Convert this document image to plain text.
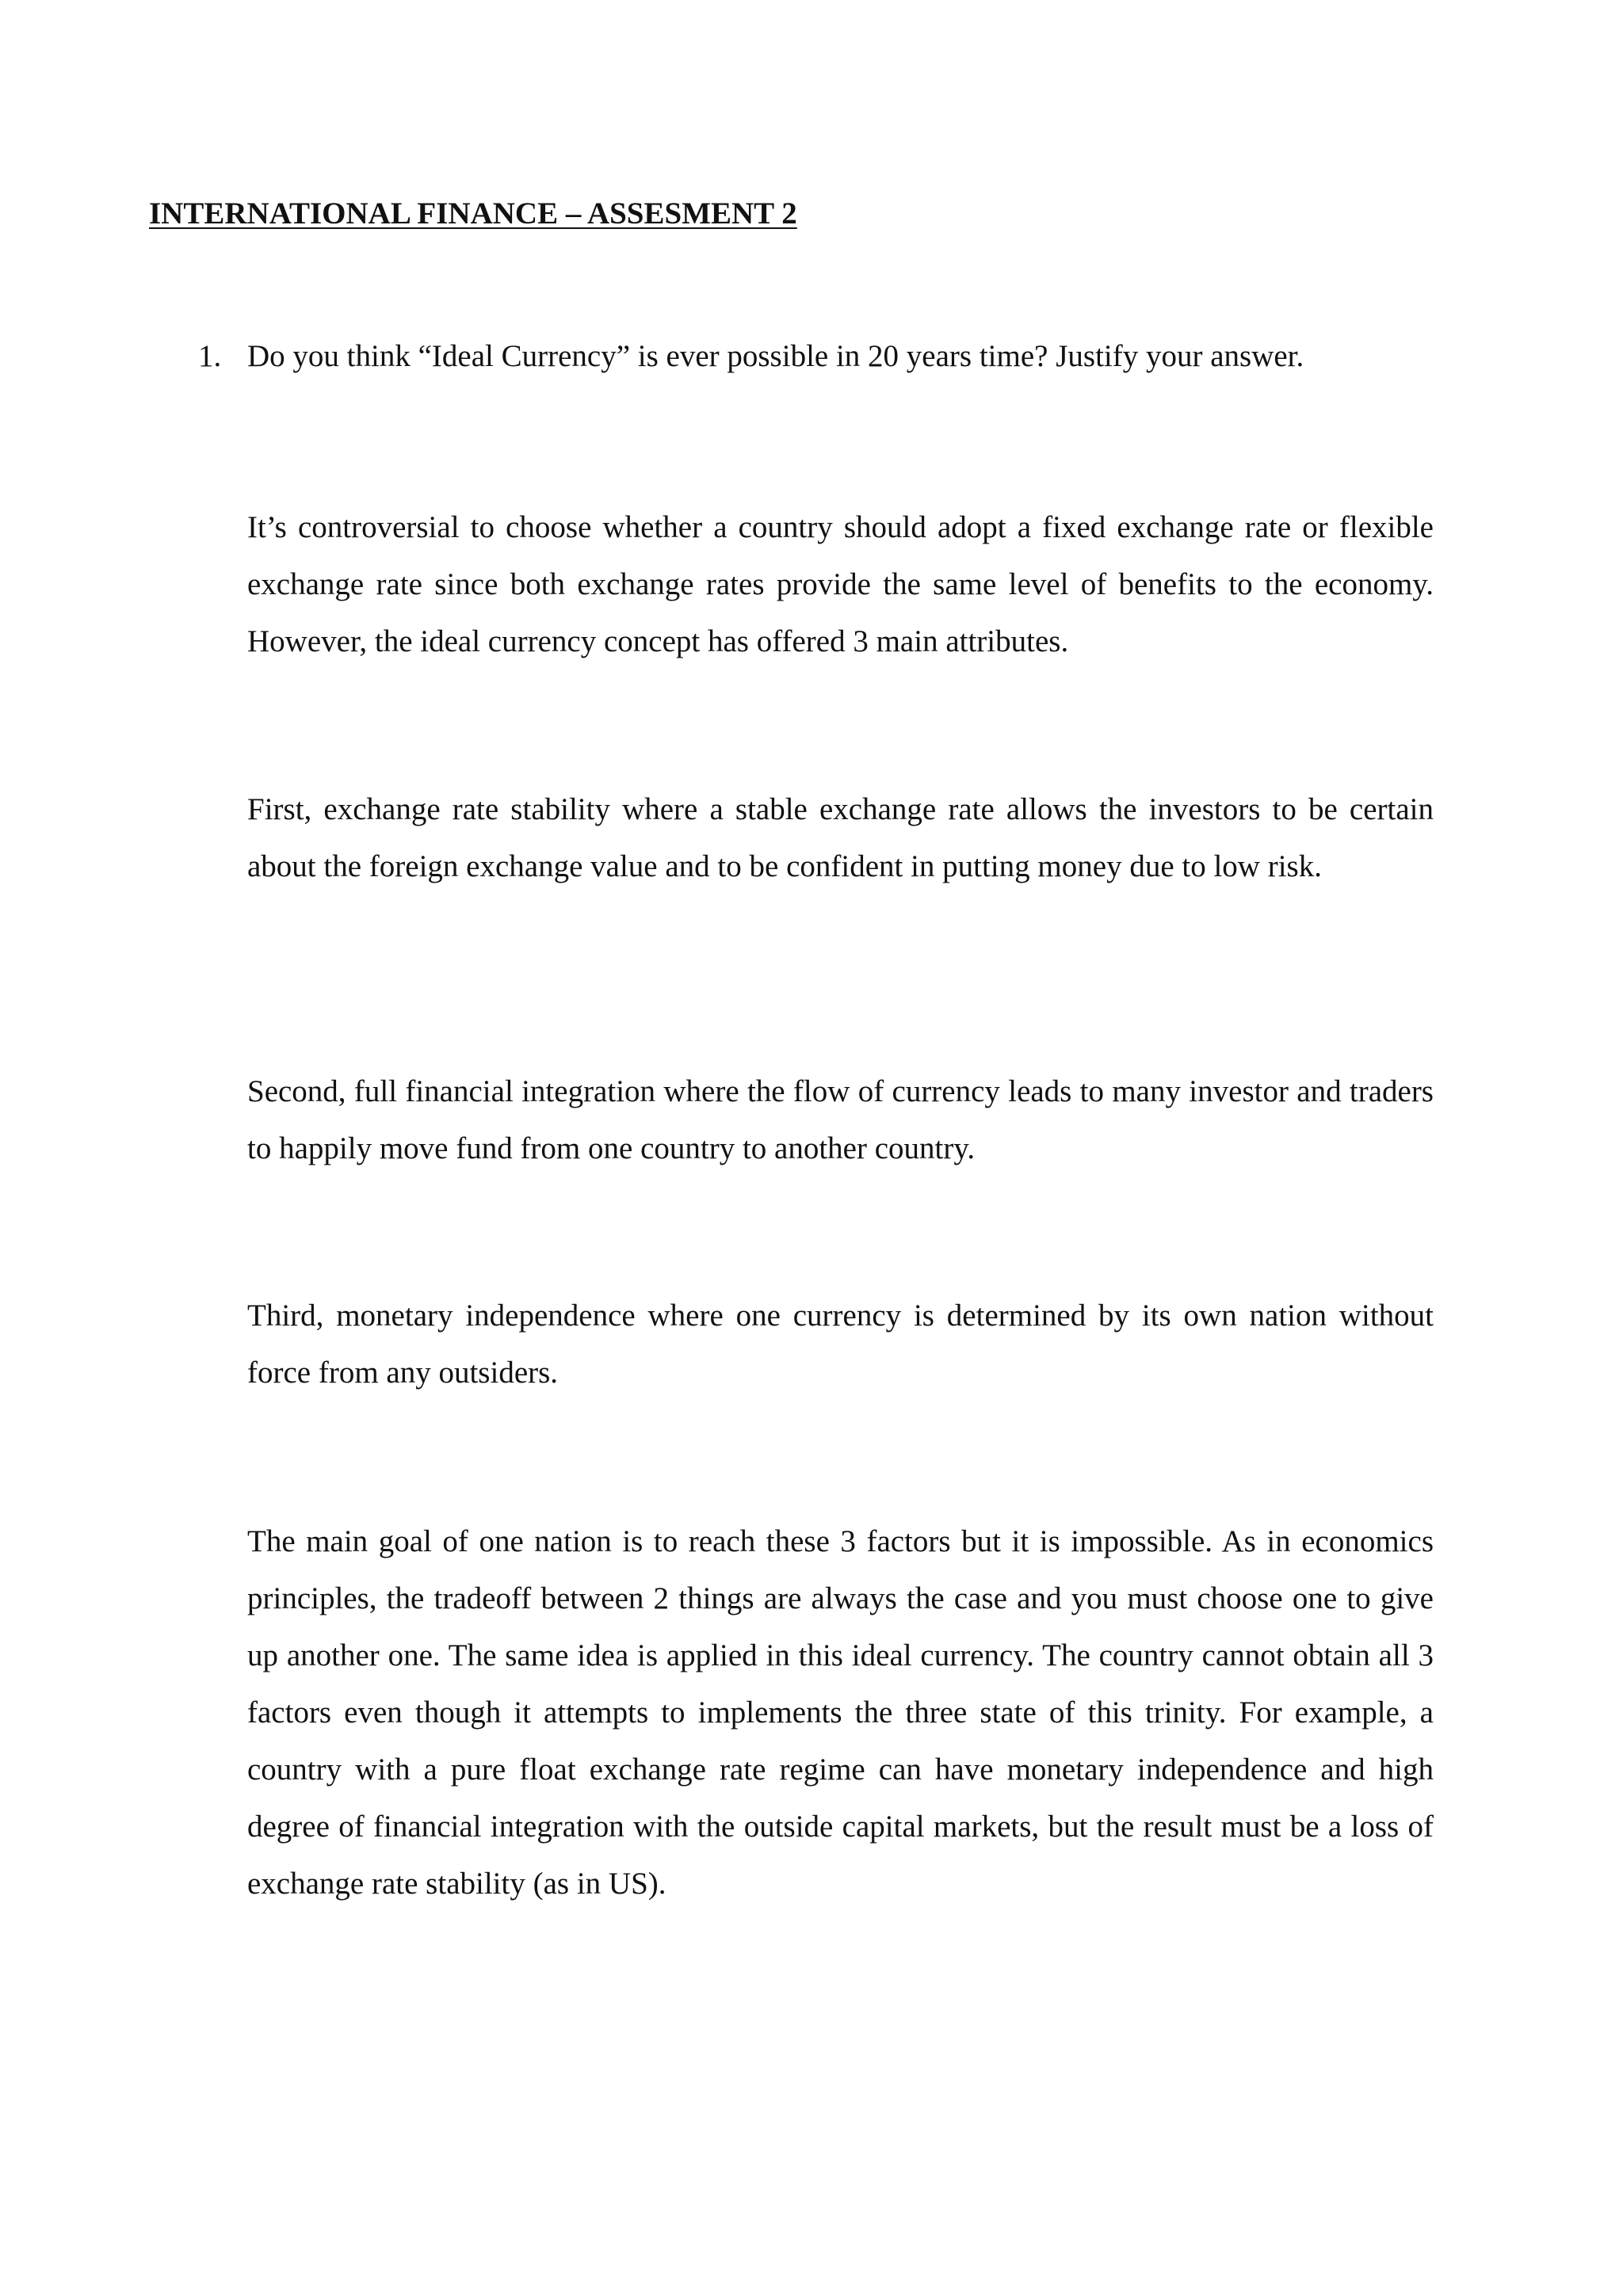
INTERNATIONAL FINANCE – ASSESMENT 2
1. Do you think “Ideal Currency” is ever possible in 20 years time? Justify your answer.

It’s controversial to choose whether a country should adopt a fixed exchange rate or flexible exchange rate since both exchange rates provide the same level of benefits to the economy. However, the ideal currency concept has offered 3 main attributes.

First, exchange rate stability where a stable exchange rate allows the investors to be certain about the foreign exchange value and to be confident in putting money due to low risk.

Second, full financial integration where the flow of currency leads to many investor and traders to happily move fund from one country to another country.

Third, monetary independence where one currency is determined by its own nation without force from any outsiders.

The main goal of one nation is to reach these 3 factors but it is impossible. As in economics principles, the tradeoff between 2 things are always the case and you must choose one to give up another one. The same idea is applied in this ideal currency. The country cannot obtain all 3 factors even though it attempts to implements the three state of this trinity. For example, a country with a pure float exchange rate regime can have monetary independence and high degree of financial integration with the outside capital markets, but the result must be a loss of exchange rate stability (as in US).
